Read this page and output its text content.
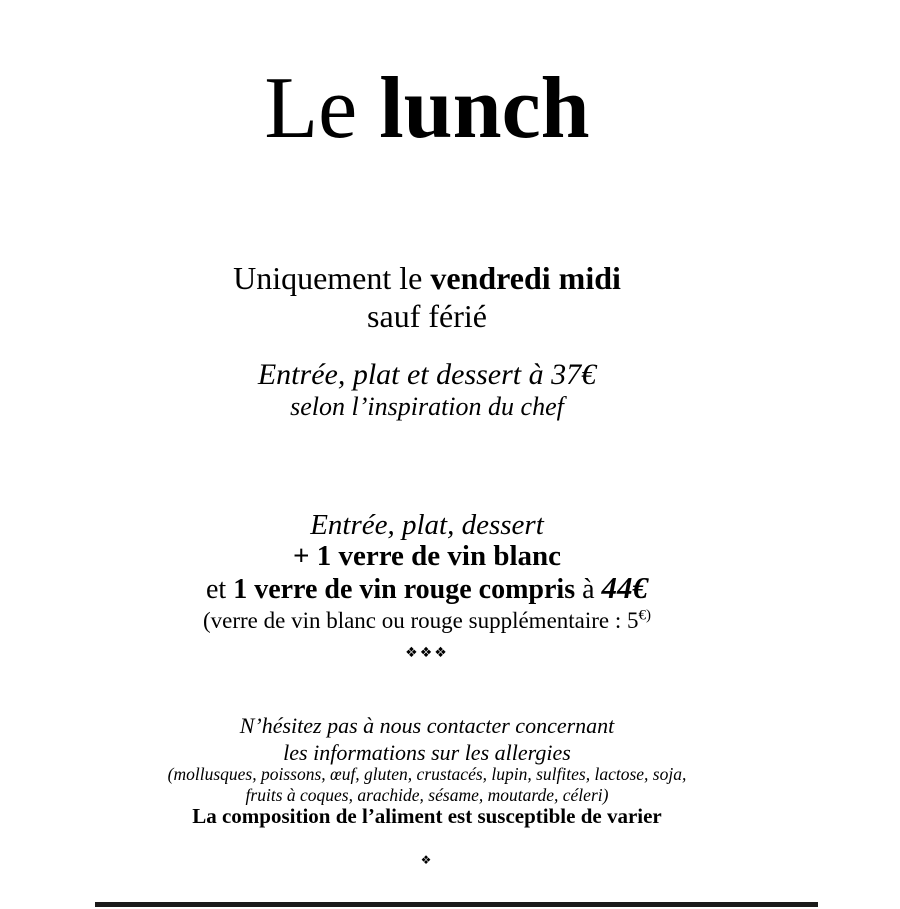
Le lunch
Uniquement le vendredi midi
sauf férié
Entrée, plat et dessert à 37€
selon l’inspiration du chef
Entrée, plat, dessert
+ 1 verre de vin blanc
et 1 verre de vin rouge compris à 44€
(verre de vin blanc ou rouge supplémentaire : 5€)
❖❖❖
N’hésitez pas à nous contacter concernant
les informations sur les allergies
(mollusques, poissons, œuf, gluten, crustacés, lupin, sulfites, lactose, soja,
fruits à coques, arachide, sésame, moutarde, céleri)
La composition de l’aliment est susceptible de varier
❖
